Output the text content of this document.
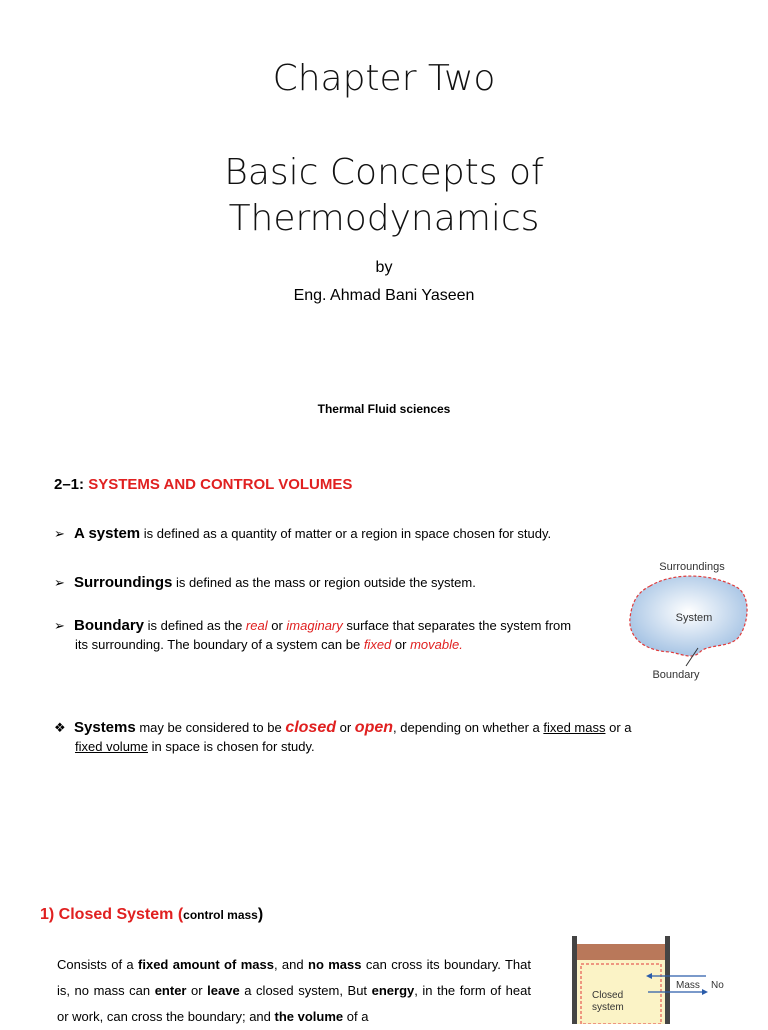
Chapter Two
Basic Concepts of
Thermodynamics
by
Eng. Ahmad Bani Yaseen
Thermal Fluid sciences
2–1: SYSTEMS AND CONTROL VOLUMES
➢ A system is defined as a quantity of matter or a region in space chosen for study.
➢ Surroundings is defined as the mass or region outside the system.
➢ Boundary is defined as the real or imaginary surface that separates the system from its surrounding. The boundary of a system can be fixed or movable.
Surroundings
System
Boundary
❖ Systems may be considered to be closed or open, depending on whether a fixed mass or a fixed volume in space is chosen for study.
1) Closed System (control mass)
Consists of a fixed amount of mass, and no mass can cross its boundary. That is, no mass can enter or leave a closed system, But energy, in the form of heat or work, can cross the boundary; and the volume of a
Closed
system
Mass No
